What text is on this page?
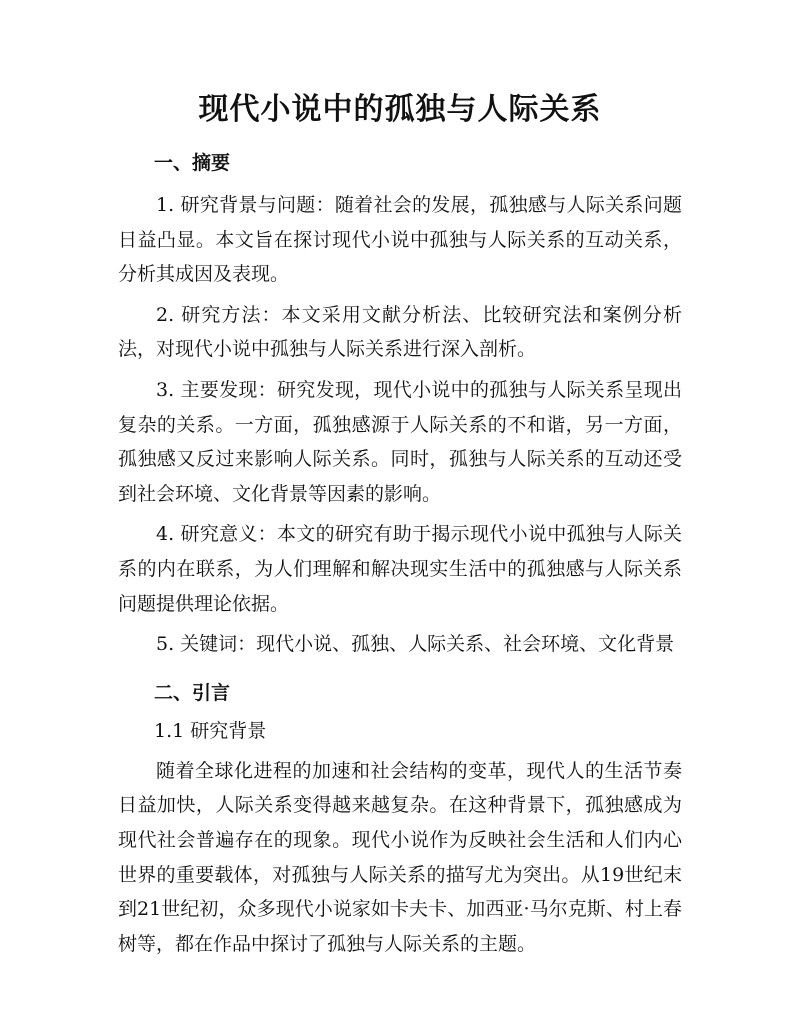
现代小说中的孤独与人际关系
一、摘要

1. 研究背景与问题：随着社会的发展，孤独感与人际关系问题日益凸显。本文旨在探讨现代小说中孤独与人际关系的互动关系，分析其成因及表现。

2. 研究方法：本文采用文献分析法、比较研究法和案例分析法，对现代小说中孤独与人际关系进行深入剖析。

3. 主要发现：研究发现，现代小说中的孤独与人际关系呈现出复杂的关系。一方面，孤独感源于人际关系的不和谐，另一方面，孤独感又反过来影响人际关系。同时，孤独与人际关系的互动还受到社会环境、文化背景等因素的影响。

4. 研究意义：本文的研究有助于揭示现代小说中孤独与人际关系的内在联系，为人们理解和解决现实生活中的孤独感与人际关系问题提供理论依据。

5. 关键词：现代小说、孤独、人际关系、社会环境、文化背景

二、引言
1.1 研究背景

随着全球化进程的加速和社会结构的变革，现代人的生活节奏日益加快，人际关系变得越来越复杂。在这种背景下，孤独感成为现代社会普遍存在的现象。现代小说作为反映社会生活和人们内心世界的重要载体，对孤独与人际关系的描写尤为突出。从19世纪末到21世纪初，众多现代小说家如卡夫卡、加西亚·马尔克斯、村上春树等，都在作品中探讨了孤独与人际关系的主题。
